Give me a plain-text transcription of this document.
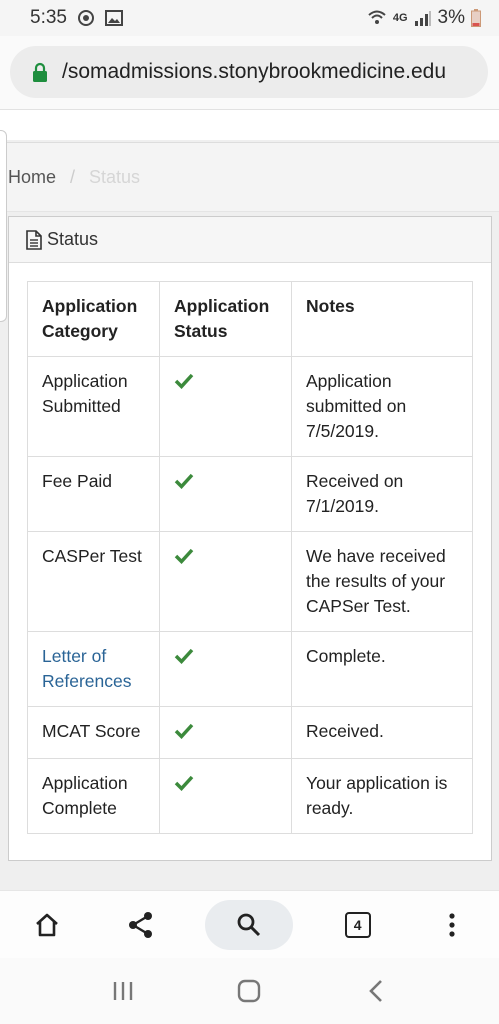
5:35	4G 3%
/somadmissions.stonybrookmedicine.edu
Home / Status
Status
Application Category	Application Status	Notes
Application Submitted		Application submitted on 7/5/2019.
Fee Paid		Received on 7/1/2019.
CASPer Test		We have received the results of your CAPSer Test.
Letter of References		Complete.
MCAT Score		Received.
Application Complete		Your application is ready.
4
